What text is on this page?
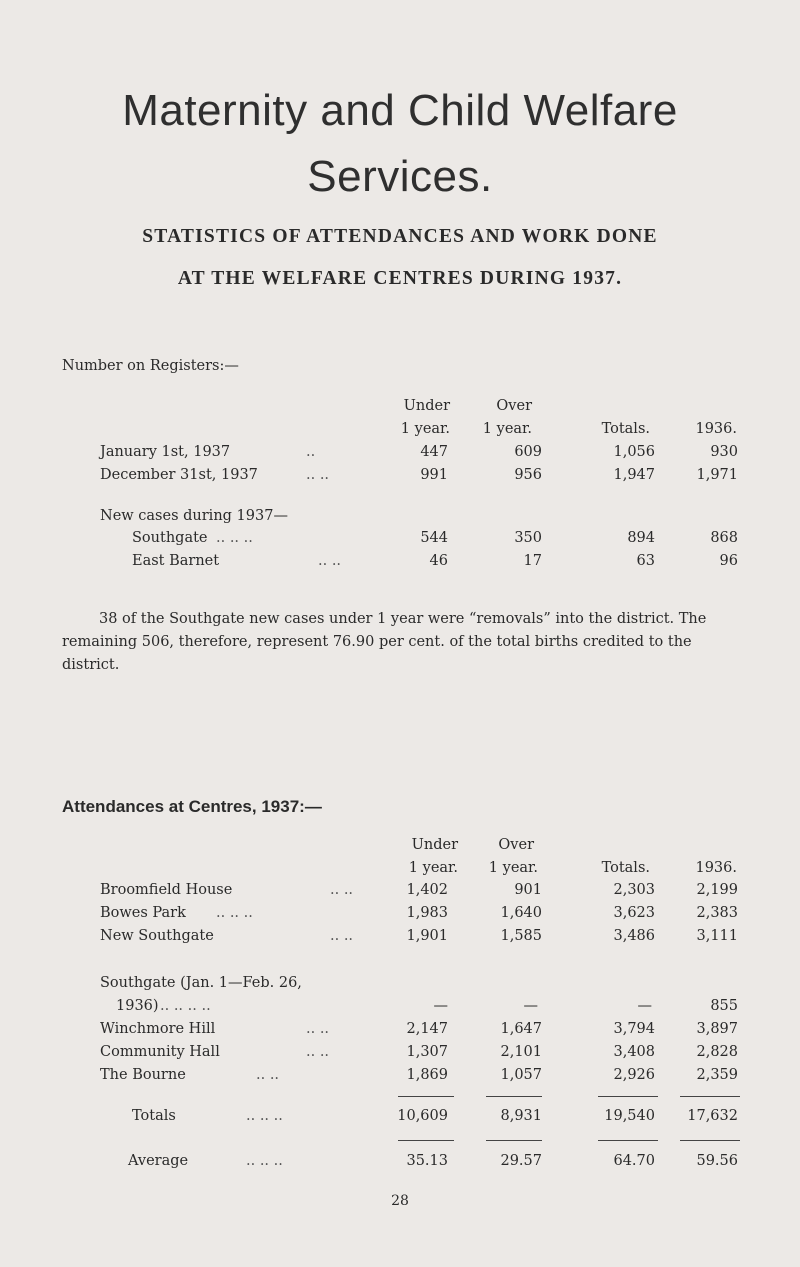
Maternity and Child Welfare
Services.
STATISTICS OF ATTENDANCES AND WORK DONE
AT THE WELFARE CENTRES DURING 1937.
Number on Registers:—
Under	Over
1 year. 1 year.	Totals.	1936.
January 1st, 1937	..	447	609	1,056	930
December 31st, 1937	.. ..	991	956	1,947	1,971
New cases during 1937—
Southgate .. .. ..	544	350	894	868
East Barnet	.. ..	46	17	63	96
38 of the Southgate new cases under 1 year were “removals” into the district. The remaining 506, therefore, represent 76.90 per cent. of the total births credited to the district.
Attendances at Centres, 1937:—
Under	Over
1 year. 1 year.	Totals.	1936.
Broomfield House	.. ..	1,402	901	2,303	2,199
Bowes Park .. .. ..	1,983	1,640	3,623	2,383
New Southgate	.. ..	1,901	1,585	3,486	3,111
Southgate (Jan. 1—Feb. 26,
1936) .. .. .. ..	—	—	—	855
Winchmore Hill	.. ..	2,147	1,647	3,794	3,897
Community Hall	.. ..	1,307	2,101	3,408	2,828
The Bourne	.. ..	1,869	1,057	2,926	2,359
Totals	.. .. ..	10,609	8,931	19,540 17,632
Average	.. .. ..	35.13	29.57	64.70	59.56
28
